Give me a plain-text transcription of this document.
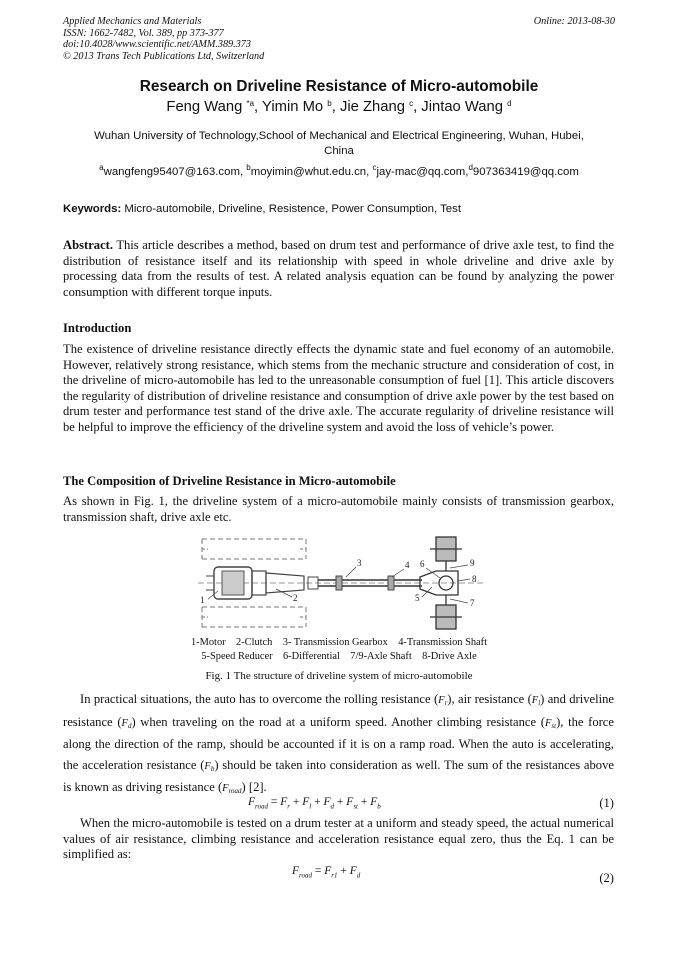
Applied Mechanics and Materials	Online: 2013-08-30
ISSN: 1662-7482, Vol. 389, pp 373-377
doi:10.4028/www.scientific.net/AMM.389.373
© 2013 Trans Tech Publications Ltd, Switzerland
Research on Driveline Resistance of Micro-automobile
Feng Wang $^{*a}$, Yimin Mo $^b$, Jie Zhang $^c$, Jintao Wang $^d$
Wuhan University of Technology,School of Mechanical and Electrical Engineering, Wuhan, Hubei, China
$^a$wangfeng95407@163.com, $^b$moyimin@whut.edu.cn, $^c$jay-mac@qq.com,$^d$907363419@qq.com
Keywords: Micro-automobile, Driveline, Resistence, Power Consumption, Test
Abstract. This article describes a method, based on drum test and performance of drive axle test, to find the distribution of resistance itself and its relationship with speed in whole driveline and drive axle by processing data from the results of test. A related analysis equation can be found by analyzing the power consumption with different torque inputs.
Introduction
The existence of driveline resistance directly effects the dynamic state and fuel economy of an automobile. However, relatively strong resistance, which stems from the mechanic structure and consideration of cost, in the driveline of micro-automobile has led to the unreasonable consumption of fuel [1]. This article discovers the regularity of distribution of driveline resistance and consumption of drive axle power by the test based on drum tester and performance test stand of the drive axle. The accurate regularity of driveline resistance will be helpful to improve the efficiency of the driveline system and avoid the loss of vehicle’s power.
The Composition of Driveline Resistance in Micro-automobile
As shown in Fig. 1, the driveline system of a micro-automobile mainly consists of transmission gearbox, transmission shaft, drive axle etc.
1	2
3	4
5
6
7
8
9
1-Motor    2-Clutch    3- Transmission Gearbox    4-Transmission Shaft
5-Speed Reducer    6-Differential    7/9-Axle Shaft    8-Drive Axle
Fig. 1 The structure of driveline system of micro-automobile
In practical situations, the auto has to overcome the rolling resistance $(F_r)$, air resistance $(F_l)$ and driveline resistance $(F_d)$ when traveling on the road at a uniform speed. Another climbing resistance $(F_{st})$, the force along the direction of the ramp, should be accounted if it is on a ramp road. When the auto is accelerating, the acceleration resistance $(F_b)$ should be taken into consideration as well. The sum of the resistances above is known as driving resistance $(F_{road})$ [2].
$F_{road} = F_r + F_l + F_d + F_{st} + F_b$	(1)
When the micro-automobile is tested on a drum tester at a uniform and steady speed, the actual numerical values of air resistance, climbing resistance and acceleration resistance equal zero, thus the Eq. 1 can be simplified as:
$F_{road} = F_{r1} + F_d$	(2)
